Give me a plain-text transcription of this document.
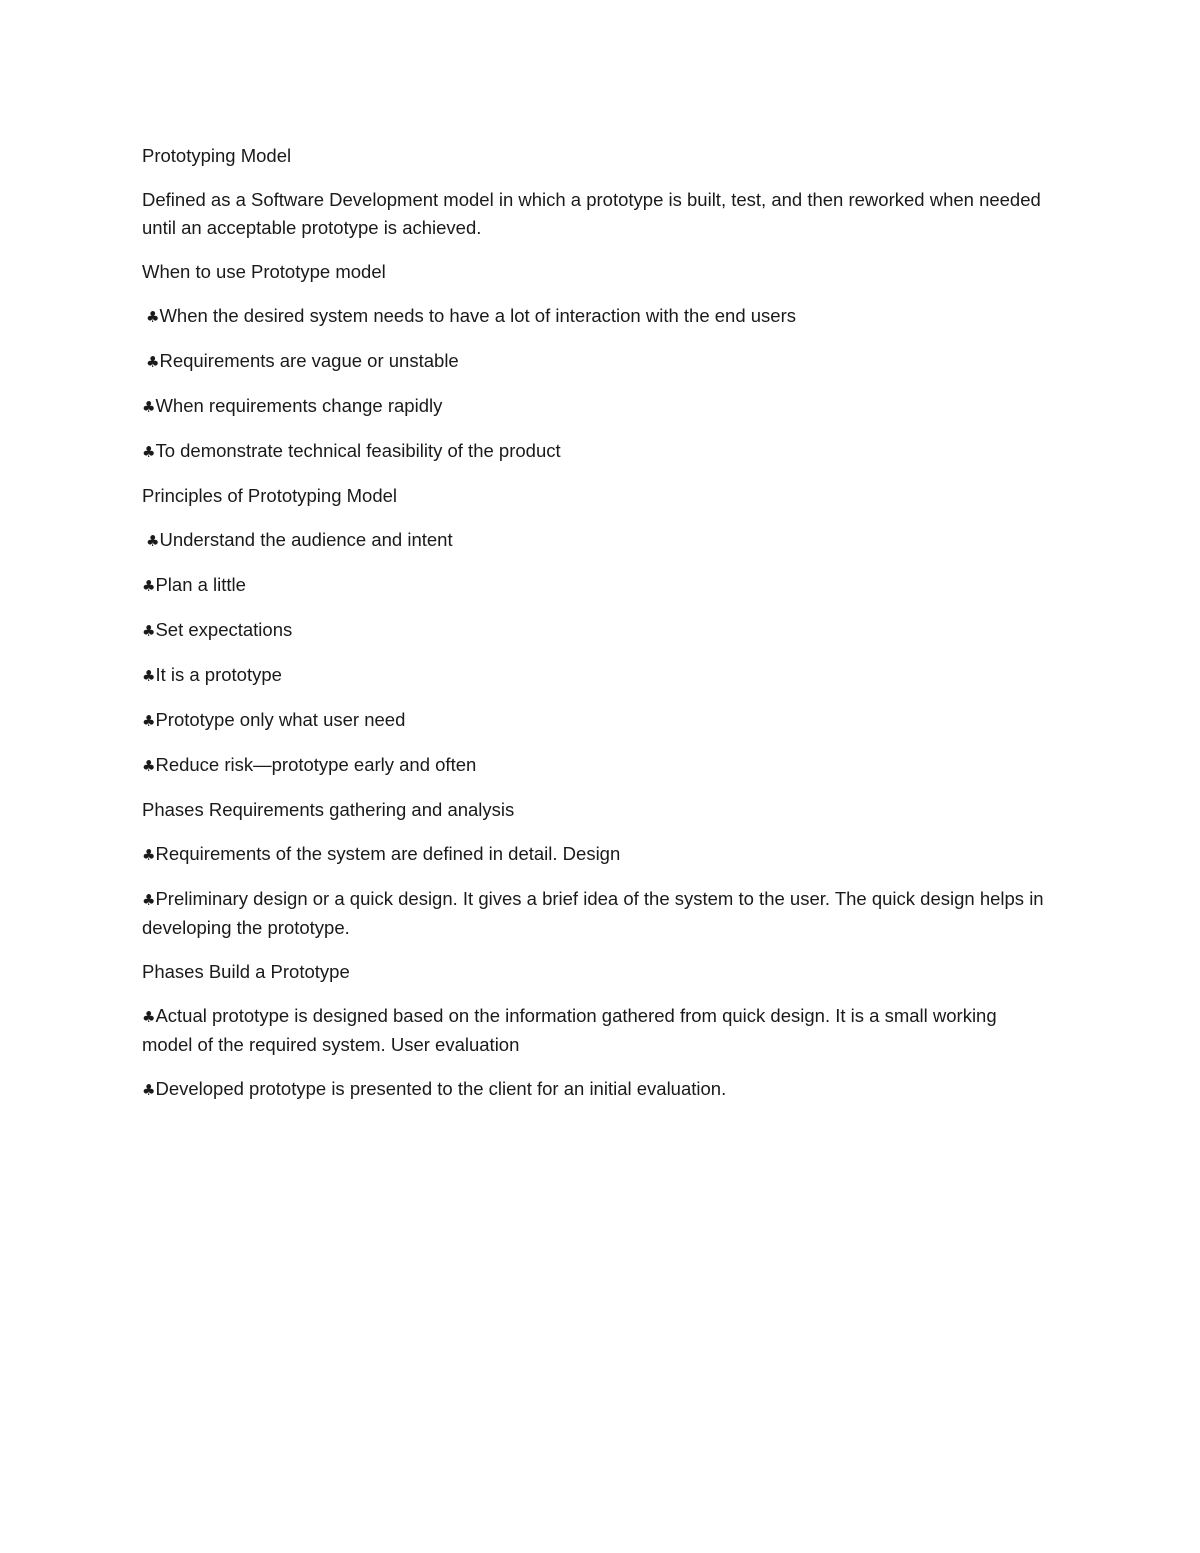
Prototyping Model

Defined as a Software Development model in which a prototype is built, test, and then reworked when needed until an acceptable prototype is achieved.

When to use Prototype model

♣When the desired system needs to have a lot of interaction with the end users

♣Requirements are vague or unstable

♣When requirements change rapidly

♣To demonstrate technical feasibility of the product

Principles of Prototyping Model

♣Understand the audience and intent

♣Plan a little

♣Set expectations

♣It is a prototype

♣Prototype only what user need

♣Reduce risk—prototype early and often

Phases Requirements gathering and analysis

♣Requirements of the system are defined in detail. Design

♣Preliminary design or a quick design. It gives a brief idea of the system to the user. The quick design helps in developing the prototype.

Phases Build a Prototype

♣Actual prototype is designed based on the information gathered from quick design. It is a small working model of the required system. User evaluation

♣Developed prototype is presented to the client for an initial evaluation.
